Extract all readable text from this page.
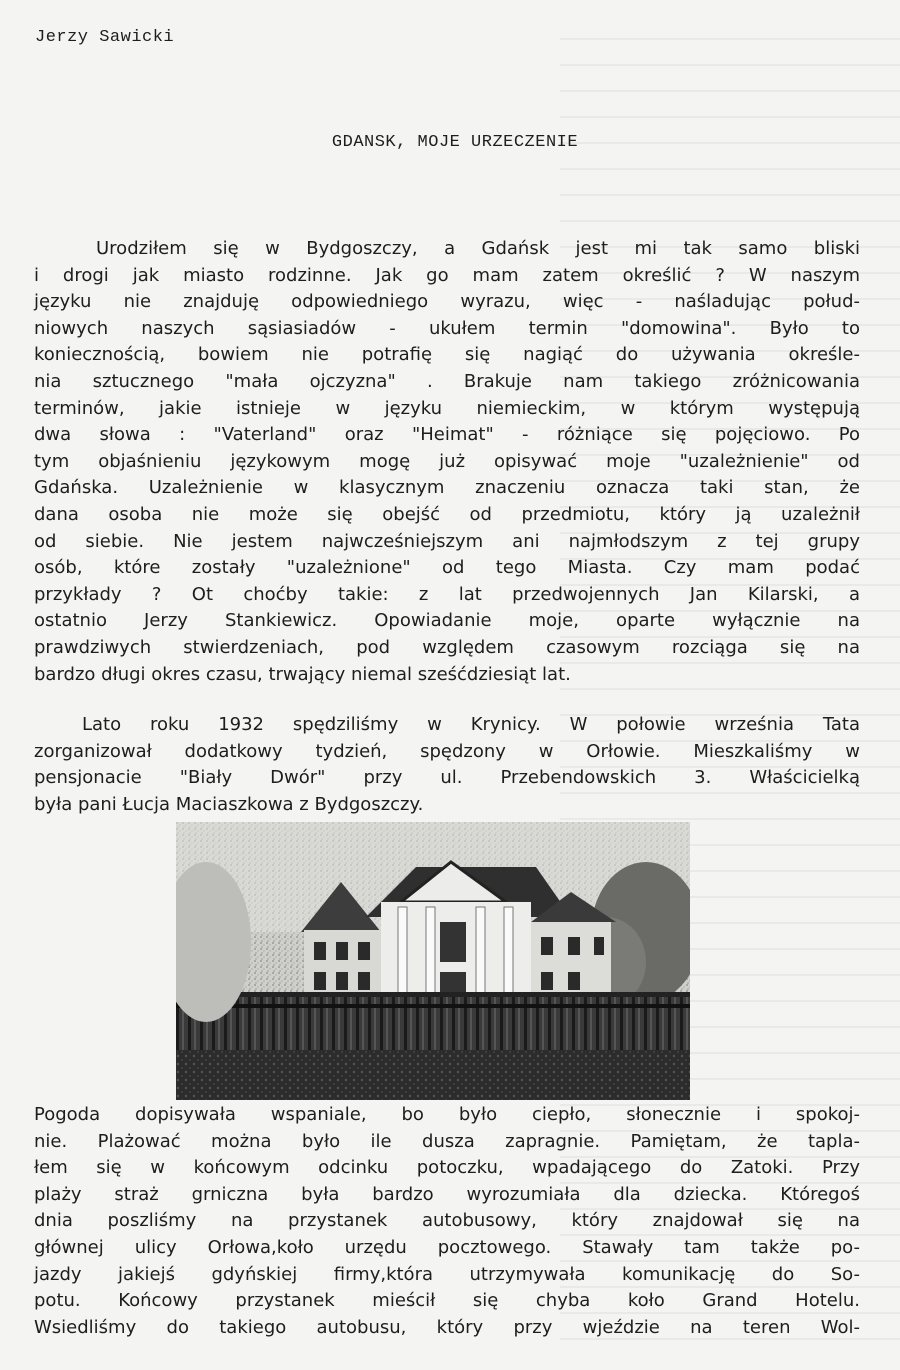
Jerzy Sawicki
GDANSK, MOJE URZECZENIE

Urodziłem się w Bydgoszczy, a Gdańsk jest mi tak samo bliski
i drogi jak miasto rodzinne. Jak go mam zatem określić ? W naszym
języku nie znajduję odpowiedniego wyrazu, więc - naśladując połud-
niowych naszych sąsiasiadów - ukułem termin "domowina". Było to
koniecznością, bowiem nie potrafię się nagiąć do używania określe-
nia sztucznego "mała ojczyzna" . Brakuje nam takiego zróżnicowania
terminów, jakie istnieje w języku niemieckim, w którym występują
dwa słowa : "Vaterland" oraz "Heimat" - różniące się pojęciowo. Po
tym objaśnieniu językowym mogę już opisywać moje "uzależnienie" od
Gdańska. Uzależnienie w klasycznym znaczeniu oznacza taki stan, że
dana osoba nie może się obejść od przedmiotu, który ją uzależnił
od siebie. Nie jestem najwcześniejszym ani najmłodszym z tej grupy
osób, które zostały "uzależnione" od tego Miasta. Czy mam podać
przykłady ? Ot choćby takie: z lat przedwojennych Jan Kilarski, a
ostatnio Jerzy Stankiewicz. Opowiadanie moje, oparte wyłącznie na
prawdziwych stwierdzeniach, pod względem czasowym rozciąga się na
bardzo długi okres czasu, trwający niemal sześćdziesiąt lat.

Lato roku 1932 spędziliśmy w Krynicy. W połowie września Tata
zorganizował dodatkowy tydzień, spędzony w Orłowie. Mieszkaliśmy w
pensjonacie "Biały Dwór" przy ul. Przebendowskich 3. Właścicielką
była pani Łucja Maciaszkowa z Bydgoszczy.

Pogoda dopisywała wspaniale, bo było ciepło, słonecznie i spokoj-
nie. Plażować można było ile dusza zapragnie. Pamiętam, że tapla-
łem się w końcowym odcinku potoczku, wpadającego do Zatoki. Przy
plaży straż grniczna była bardzo wyrozumiała dla dziecka. Któregoś
dnia poszliśmy na przystanek autobusowy, który znajdował się na
głównej ulicy Orłowa,koło urzędu pocztowego. Stawały tam także po-
jazdy jakiejś gdyńskiej firmy,która utrzymywała komunikację do So-
potu. Końcowy przystanek mieścił się chyba koło Grand Hotelu.
Wsiedliśmy do takiego autobusu, który przy wjeździe na teren Wol-
